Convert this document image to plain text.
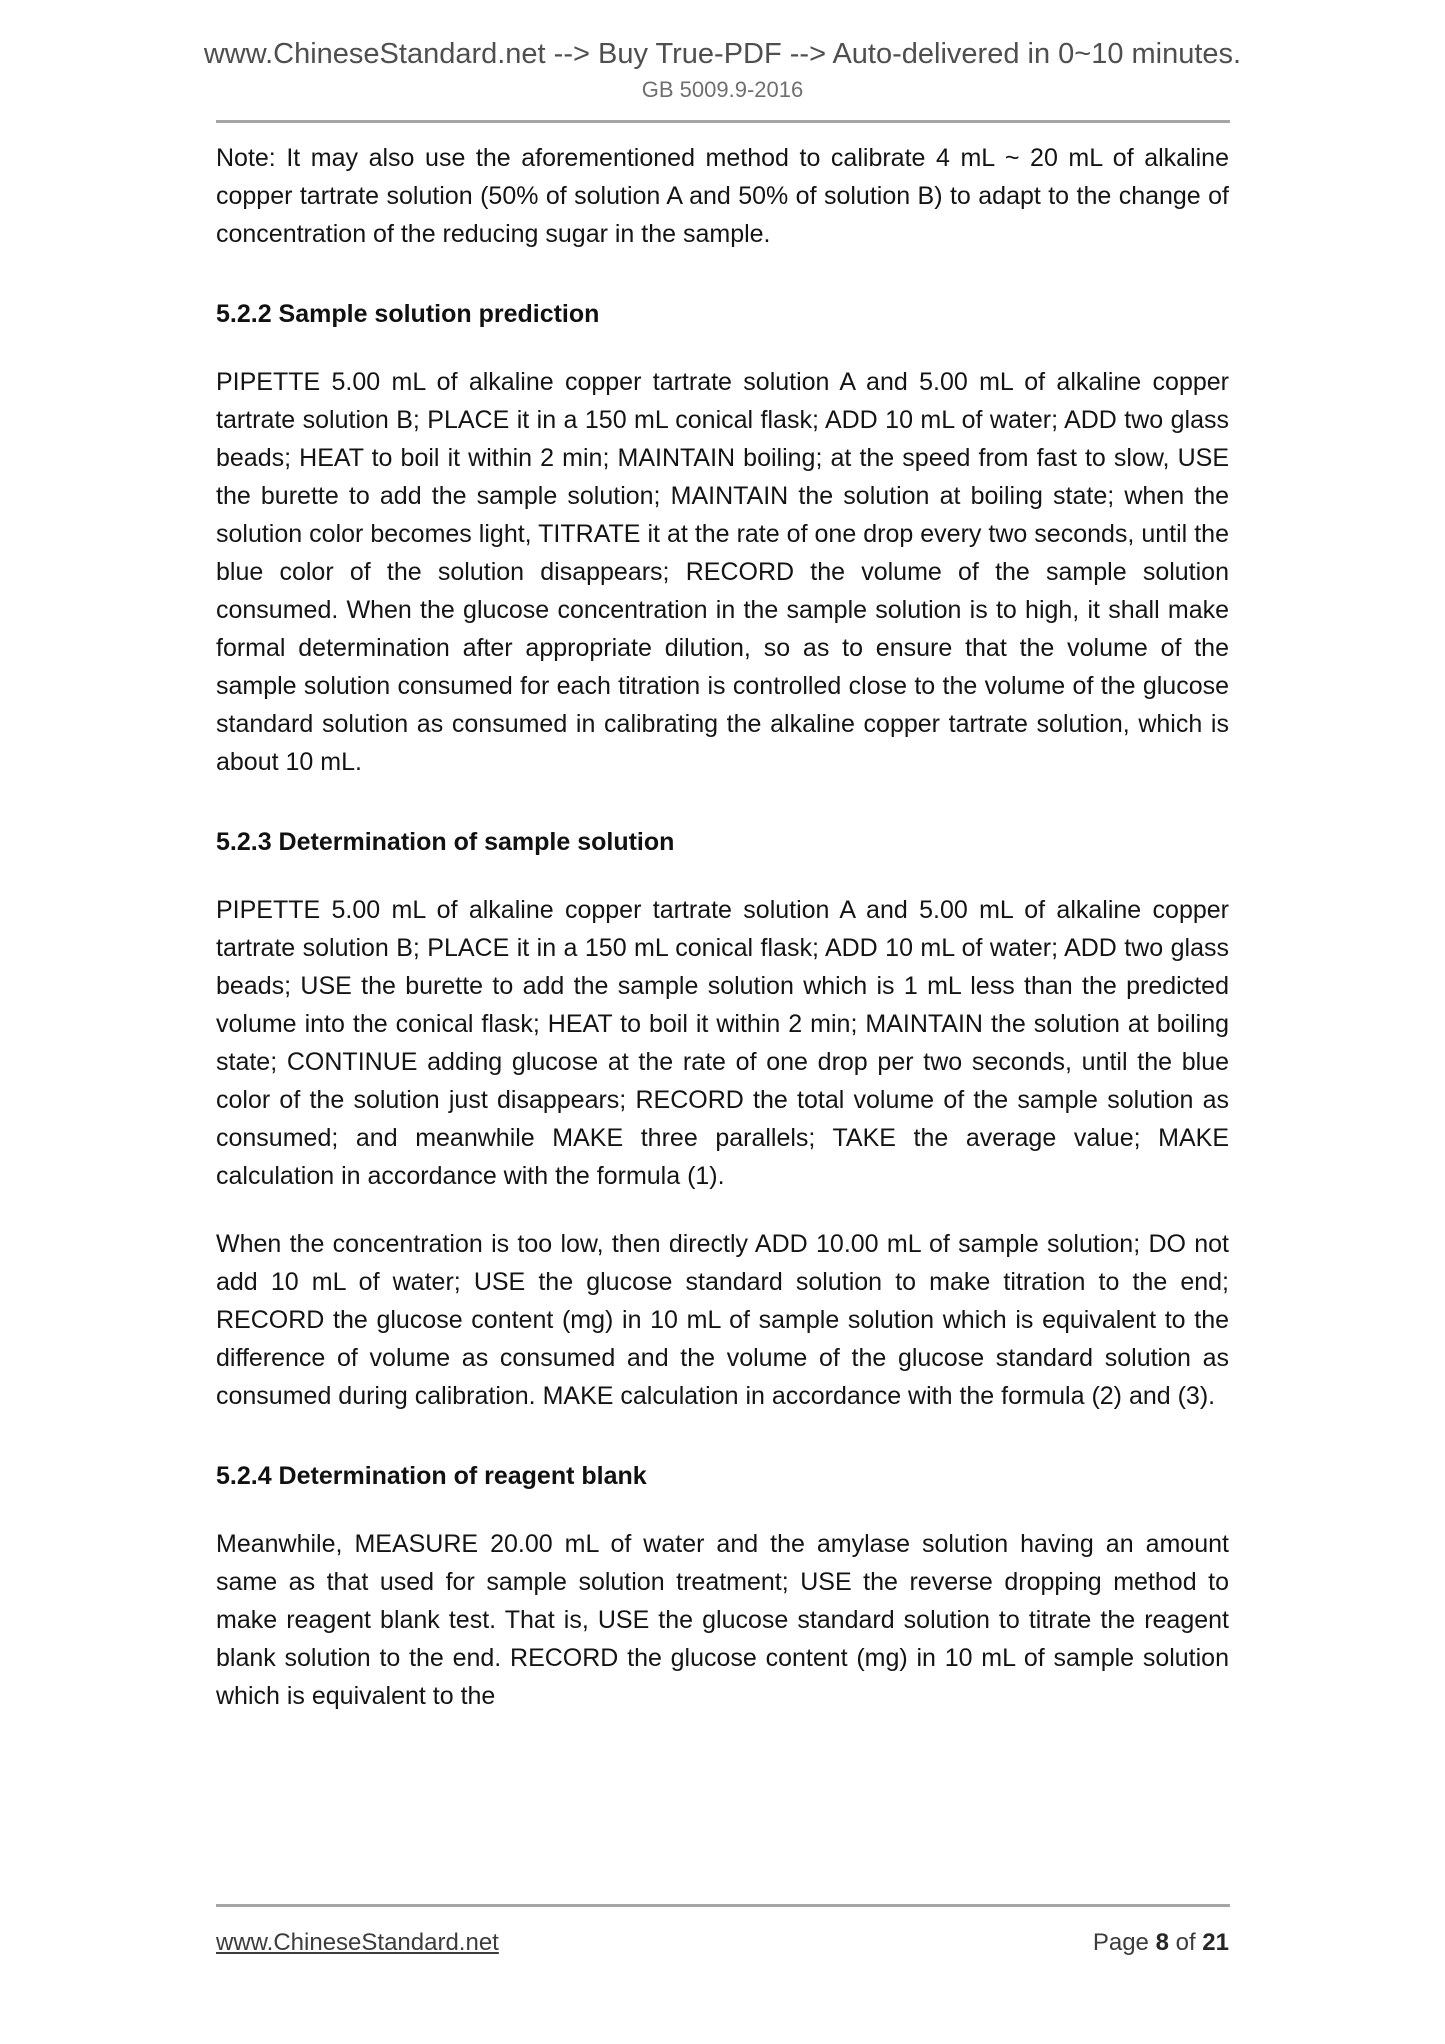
www.ChineseStandard.net --> Buy True-PDF --> Auto-delivered in 0~10 minutes.
GB 5009.9-2016

Note: It may also use the aforementioned method to calibrate 4 mL ~ 20 mL of alkaline copper tartrate solution (50% of solution A and 50% of solution B) to adapt to the change of concentration of the reducing sugar in the sample.

5.2.2 Sample solution prediction

PIPETTE 5.00 mL of alkaline copper tartrate solution A and 5.00 mL of alkaline copper tartrate solution B; PLACE it in a 150 mL conical flask; ADD 10 mL of water; ADD two glass beads; HEAT to boil it within 2 min; MAINTAIN boiling; at the speed from fast to slow, USE the burette to add the sample solution; MAINTAIN the solution at boiling state; when the solution color becomes light, TITRATE it at the rate of one drop every two seconds, until the blue color of the solution disappears; RECORD the volume of the sample solution consumed. When the glucose concentration in the sample solution is to high, it shall make formal determination after appropriate dilution, so as to ensure that the volume of the sample solution consumed for each titration is controlled close to the volume of the glucose standard solution as consumed in calibrating the alkaline copper tartrate solution, which is about 10 mL.

5.2.3 Determination of sample solution

PIPETTE 5.00 mL of alkaline copper tartrate solution A and 5.00 mL of alkaline copper tartrate solution B; PLACE it in a 150 mL conical flask; ADD 10 mL of water; ADD two glass beads; USE the burette to add the sample solution which is 1 mL less than the predicted volume into the conical flask; HEAT to boil it within 2 min; MAINTAIN the solution at boiling state; CONTINUE adding glucose at the rate of one drop per two seconds, until the blue color of the solution just disappears; RECORD the total volume of the sample solution as consumed; and meanwhile MAKE three parallels; TAKE the average value; MAKE calculation in accordance with the formula (1).

When the concentration is too low, then directly ADD 10.00 mL of sample solution; DO not add 10 mL of water; USE the glucose standard solution to make titration to the end; RECORD the glucose content (mg) in 10 mL of sample solution which is equivalent to the difference of volume as consumed and the volume of the glucose standard solution as consumed during calibration. MAKE calculation in accordance with the formula (2) and (3).

5.2.4 Determination of reagent blank

Meanwhile, MEASURE 20.00 mL of water and the amylase solution having an amount same as that used for sample solution treatment; USE the reverse dropping method to make reagent blank test. That is, USE the glucose standard solution to titrate the reagent blank solution to the end. RECORD the glucose content (mg) in 10 mL of sample solution which is equivalent to the

www.ChineseStandard.net	Page 8 of 21
